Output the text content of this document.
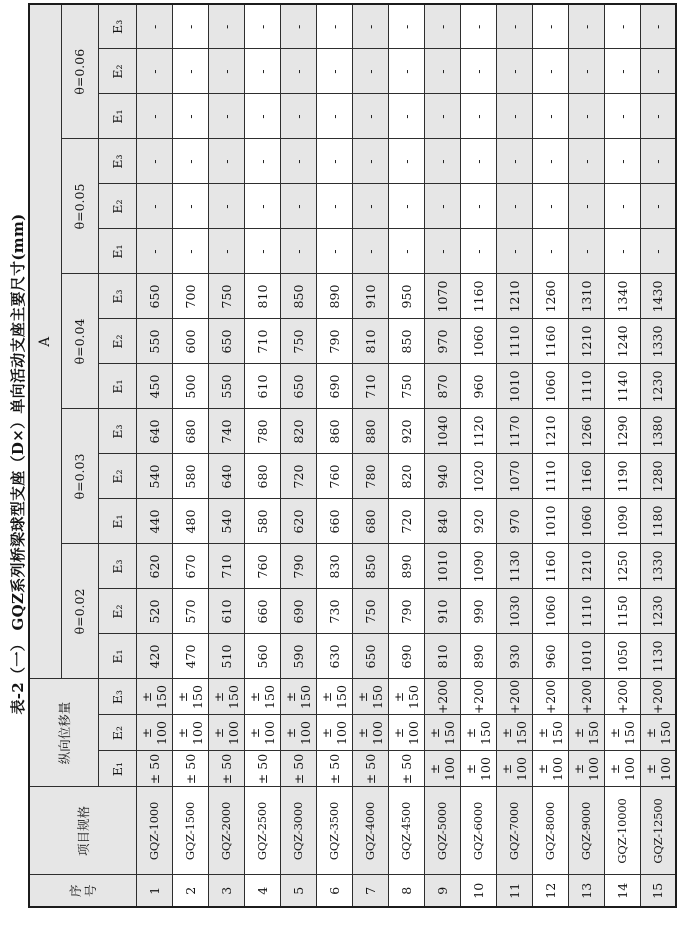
表-2（一） GQZ系列桥梁球型支座（D×）单向活动支座主要尺寸(mm)
序号	项目规格	纵向位移量			A														
					θ=0.02			θ=0.03			θ=0.04			θ=0.05			θ=0.06		
		E₁	E₂	E₃	E₁	E₂	E₃	E₁	E₂	E₃	E₁	E₂	E₃	E₁	E₂	E₃	E₁	E₂	E₃
1	GQZ-1000	± 50	± 100	± 150	420	520	620	440	540	640	450	550	650	-	-	-	-	-	-
2	GQZ-1500	± 50	± 100	± 150	470	570	670	480	580	680	500	600	700	-	-	-	-	-	-
3	GQZ-2000	± 50	± 100	± 150	510	610	710	540	640	740	550	650	750	-	-	-	-	-	-
4	GQZ-2500	± 50	± 100	± 150	560	660	760	580	680	780	610	710	810	-	-	-	-	-	-
5	GQZ-3000	± 50	± 100	± 150	590	690	790	620	720	820	650	750	850	-	-	-	-	-	-
6	GQZ-3500	± 50	± 100	± 150	630	730	830	660	760	860	690	790	890	-	-	-	-	-	-
7	GQZ-4000	± 50	± 100	± 150	650	750	850	680	780	880	710	810	910	-	-	-	-	-	-
8	GQZ-4500	± 50	± 100	± 150	690	790	890	720	820	920	750	850	950	-	-	-	-	-	-
9	GQZ-5000	± 100	± 150	+200	810	910	1010	840	940	1040	870	970	1070	-	-	-	-	-	-
10	GQZ-6000	± 100	± 150	+200	890	990	1090	920	1020	1120	960	1060	1160	-	-	-	-	-	-
11	GQZ-7000	± 100	± 150	+200	930	1030	1130	970	1070	1170	1010	1110	1210	-	-	-	-	-	-
12	GQZ-8000	± 100	± 150	+200	960	1060	1160	1010	1110	1210	1060	1160	1260	-	-	-	-	-	-
13	GQZ-9000	± 100	± 150	+200	1010	1110	1210	1060	1160	1260	1110	1210	1310	-	-	-	-	-	-
14	GQZ-10000	± 100	± 150	+200	1050	1150	1250	1090	1190	1290	1140	1240	1340	-	-	-	-	-	-
15	GQZ-12500	± 100	± 150	+200	1130	1230	1330	1180	1280	1380	1230	1330	1430	-	-	-	-	-	-
